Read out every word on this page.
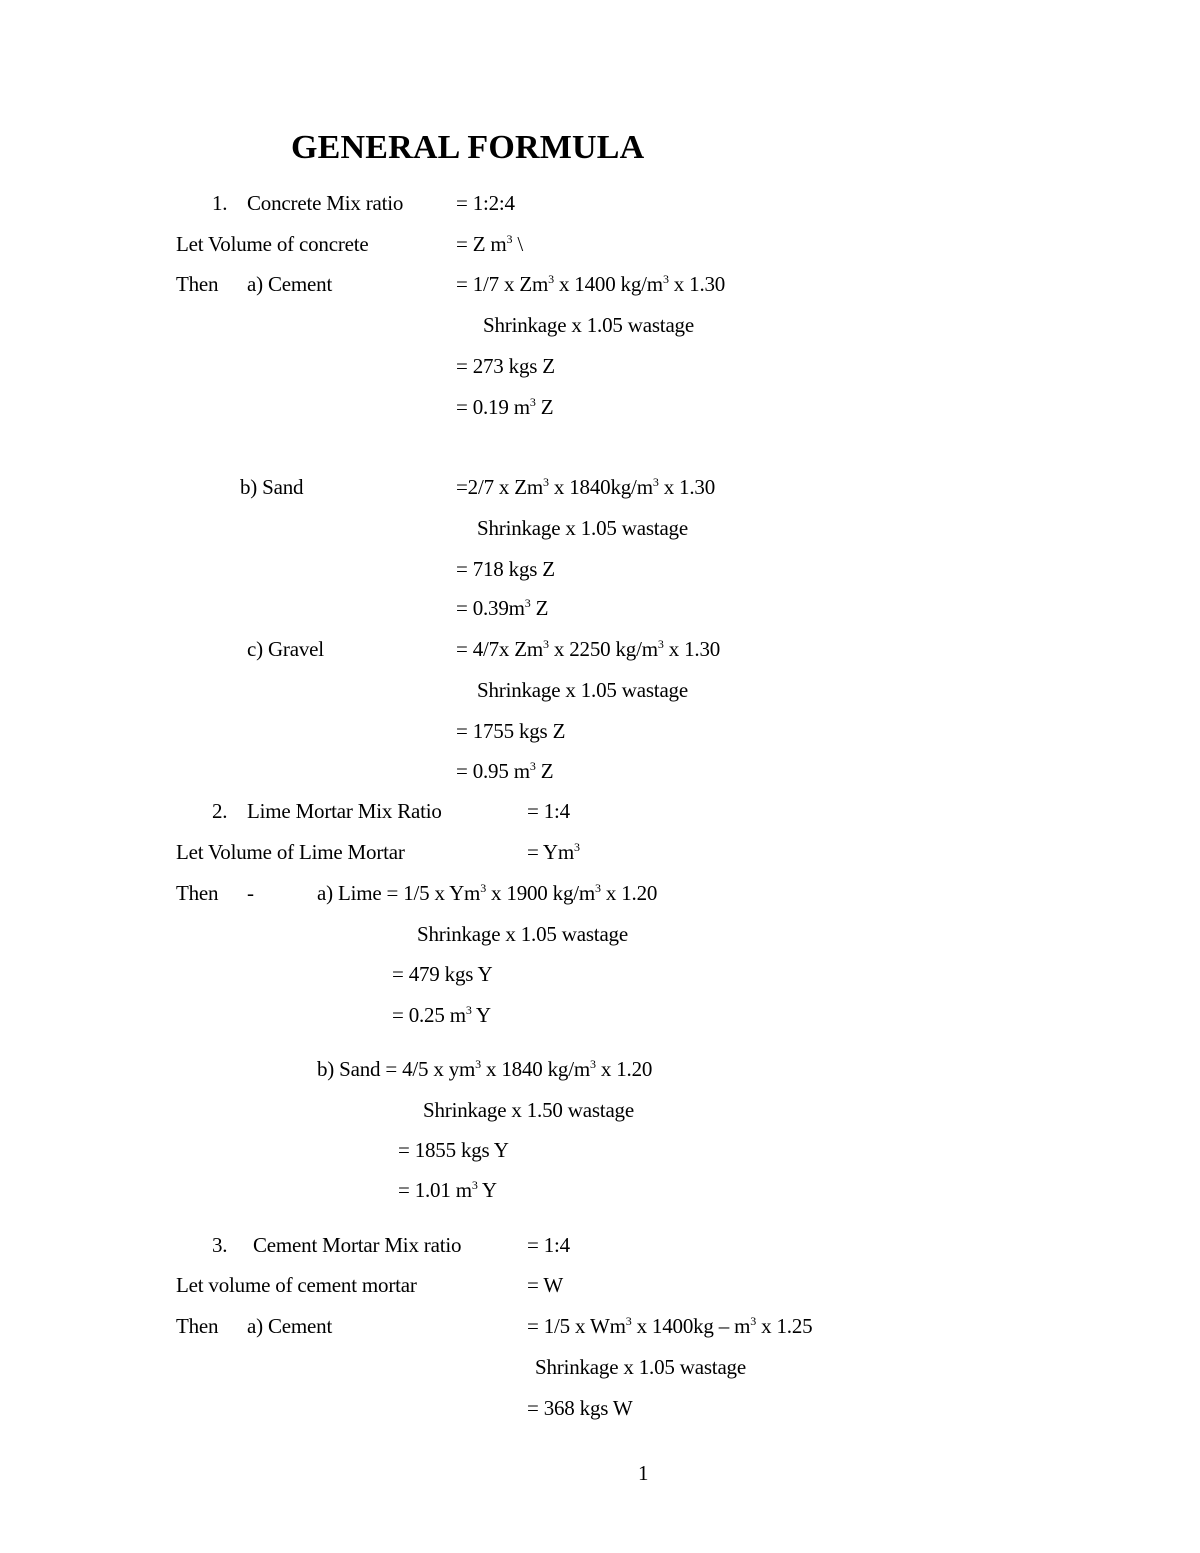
GENERAL FORMULA
1. Concrete Mix ratio	= 1:2:4
Let Volume of concrete	= Z $m^3$ \
Then a) Cement	= 1/7 x Zm$^3$ x 1400 $kg/m^3$ x 1.30
Shrinkage x 1.05 wastage
= 273 kgs Z
= 0.19 $m^3$ Z
b) Sand	=2/7 x Zm$^3$ x $1840kg/m^3$ x 1.30
Shrinkage x 1.05 wastage
= 718 kgs Z
= $0.39m^3$ Z
c) Gravel	= 4/7x Zm$^3$ x 2250 $kg/m^3$ x 1.30
Shrinkage x 1.05 wastage
= 1755 kgs Z
= 0.95 $m^3$ Z
2. Lime Mortar Mix Ratio	= 1:4
Let Volume of Lime Mortar	= $Ym^3$
Then -	a) Lime = 1/5 x Ym$^3$ x 1900 $kg/m^3$ x 1.20
Shrinkage x 1.05 wastage
= 479 kgs Y
= 0.25 $m^3$ Y
b) Sand = 4/5 x $ym^3$ x 1840 $kg/m^3$ x 1.20
Shrinkage x 1.50 wastage
= 1855 kgs Y
= 1.01 $m^3$ Y
3. Cement Mortar Mix ratio	= 1:4
Let volume of cement mortar	= W
Then a) Cement	= 1/5 x Wm$^3$ x $1400kg - m^3$ x 1.25
Shrinkage x 1.05 wastage
= 368 kgs W
1
